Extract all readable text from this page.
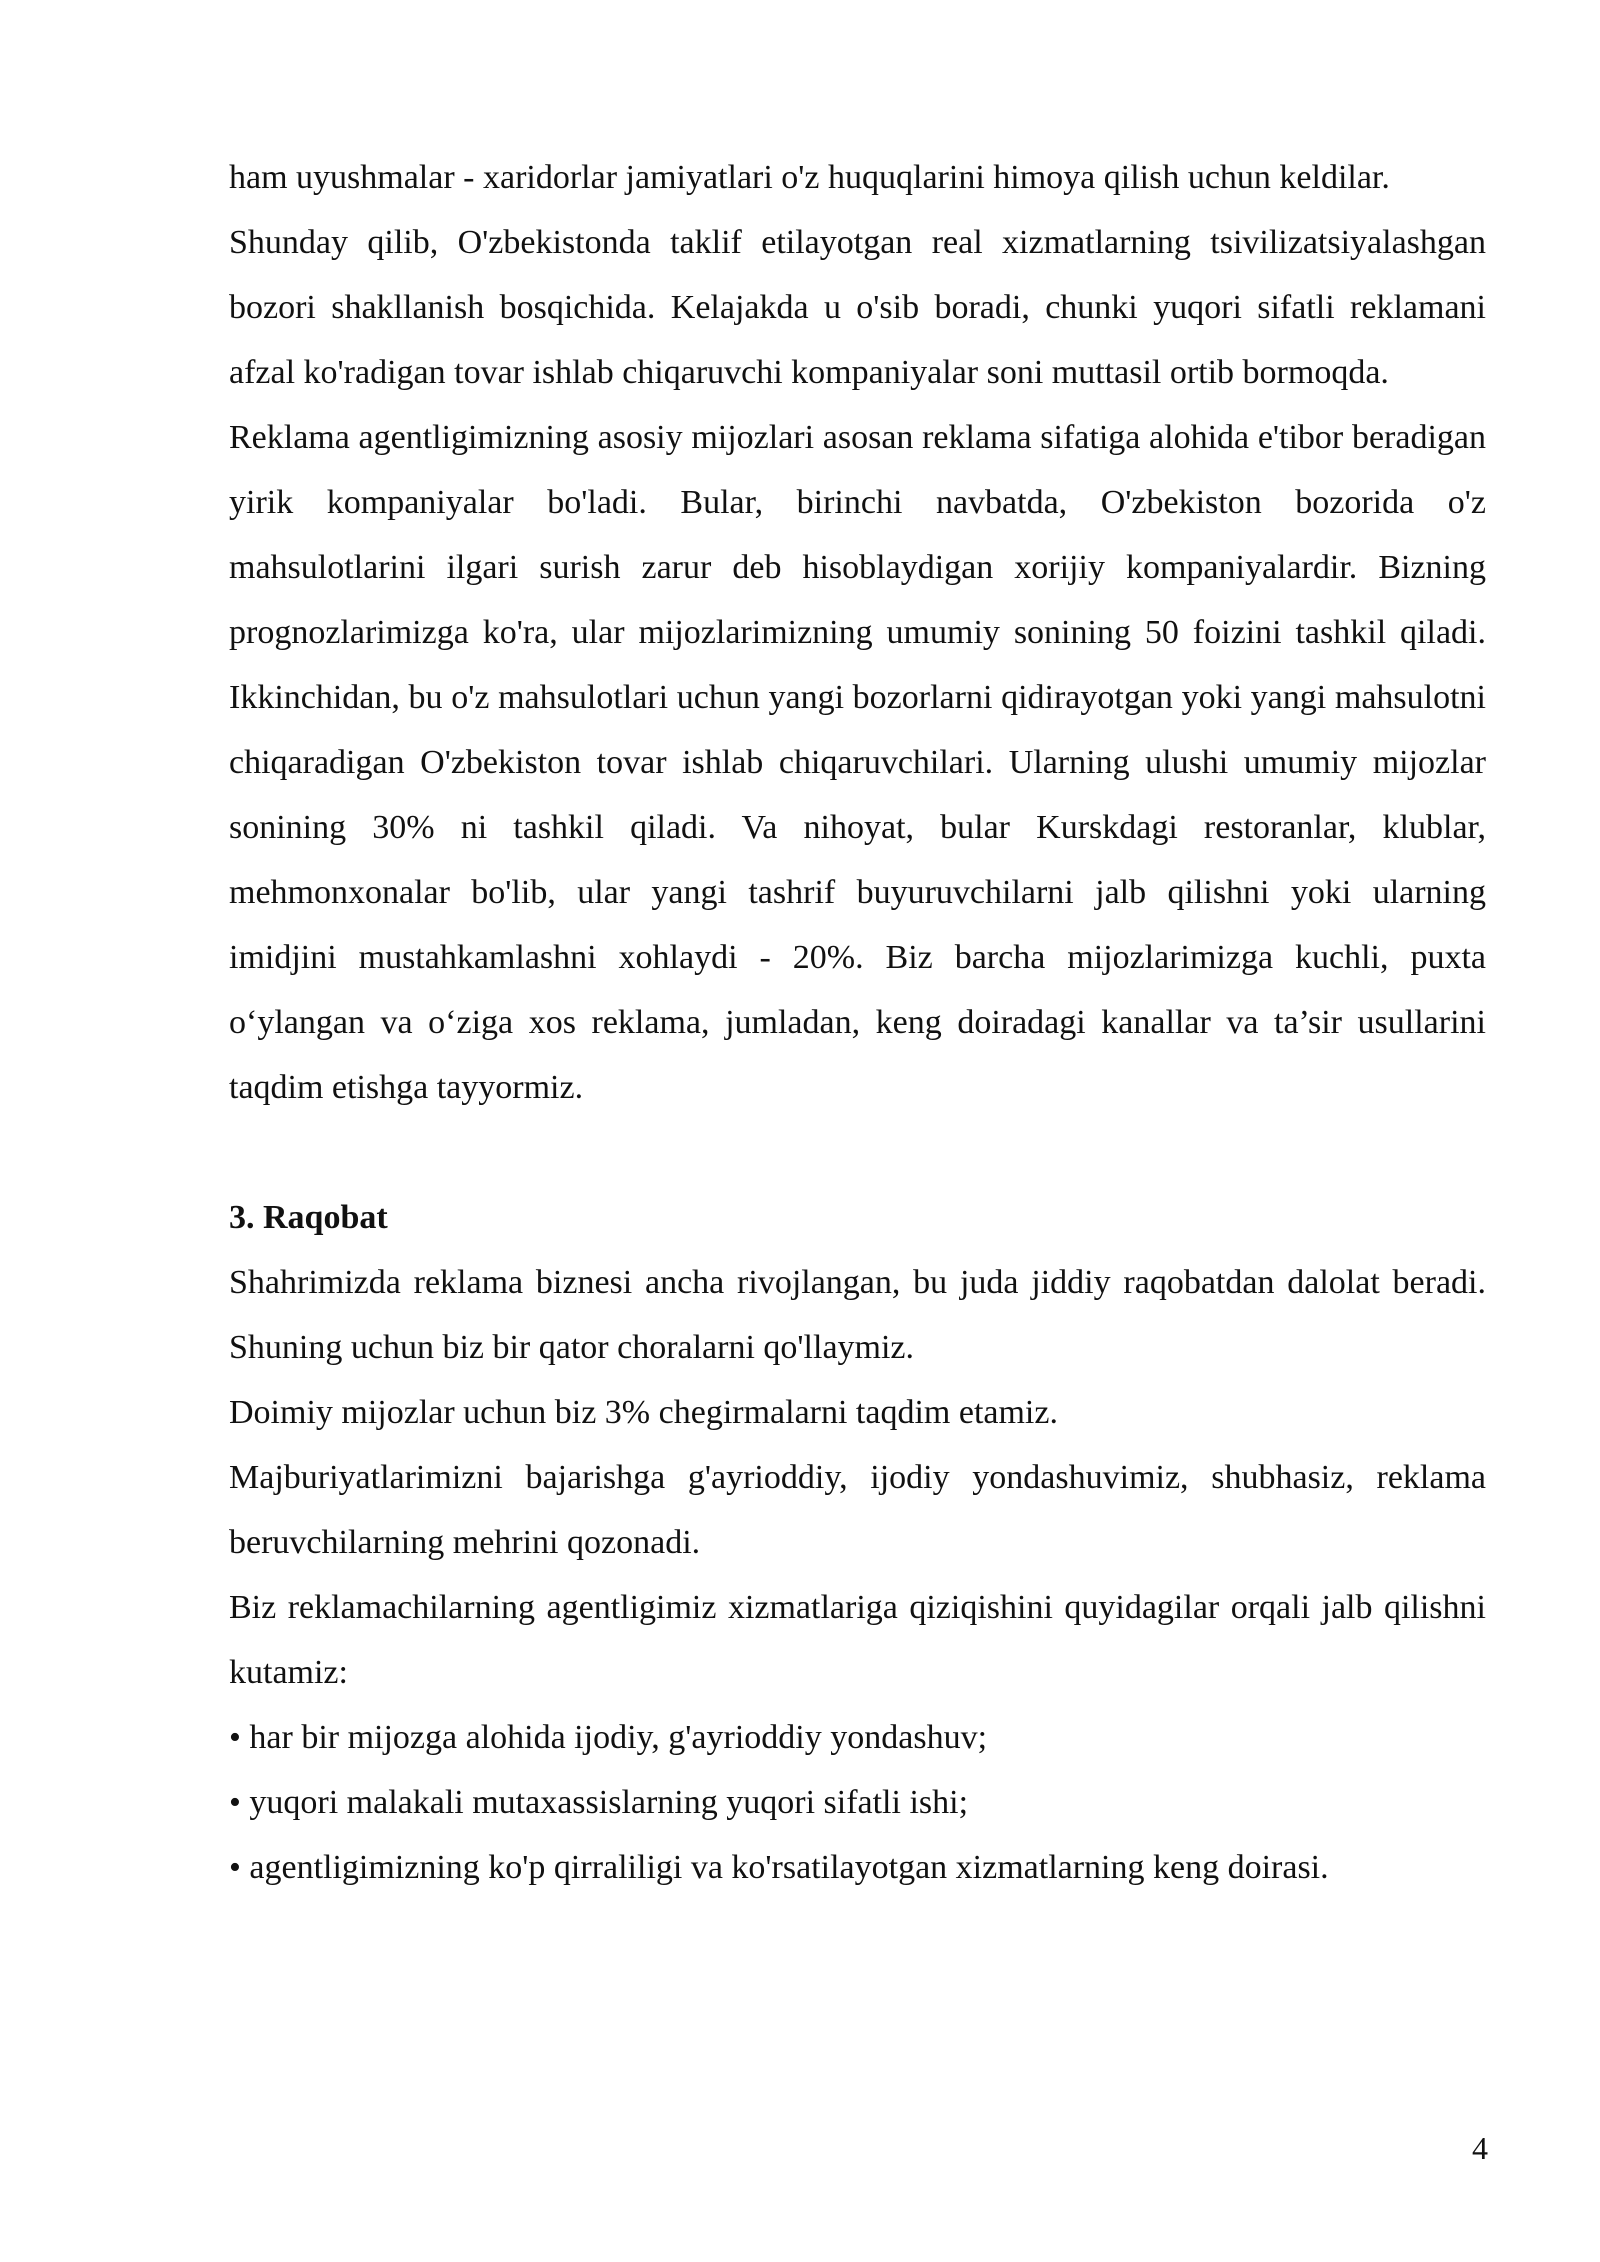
ham uyushmalar - xaridorlar jamiyatlari o'z huquqlarini himoya qilish uchun keldilar.

Shunday qilib, O'zbekistonda taklif etilayotgan real xizmatlarning tsivilizatsiyalashgan bozori shakllanish bosqichida. Kelajakda u o'sib boradi, chunki yuqori sifatli reklamani afzal ko'radigan tovar ishlab chiqaruvchi kompaniyalar soni muttasil ortib bormoqda.

Reklama agentligimizning asosiy mijozlari asosan reklama sifatiga alohida e'tibor beradigan yirik kompaniyalar bo'ladi. Bular, birinchi navbatda, O'zbekiston bozorida o'z mahsulotlarini ilgari surish zarur deb hisoblaydigan xorijiy kompaniyalardir. Bizning prognozlarimizga ko'ra, ular mijozlarimizning umumiy sonining 50 foizini tashkil qiladi. Ikkinchidan, bu o'z mahsulotlari uchun yangi bozorlarni qidirayotgan yoki yangi mahsulotni chiqaradigan O'zbekiston tovar ishlab chiqaruvchilari. Ularning ulushi umumiy mijozlar sonining 30% ni tashkil qiladi. Va nihoyat, bular Kurskdagi restoranlar, klublar, mehmonxonalar bo'lib, ular yangi tashrif buyuruvchilarni jalb qilishni yoki ularning imidjini mustahkamlashni xohlaydi - 20%. Biz barcha mijozlarimizga kuchli, puxta o‘ylangan va o‘ziga xos reklama, jumladan, keng doiradagi kanallar va ta’sir usullarini taqdim etishga tayyormiz.

3. Raqobat

Shahrimizda reklama biznesi ancha rivojlangan, bu juda jiddiy raqobatdan dalolat beradi. Shuning uchun biz bir qator choralarni qo'llaymiz.

Doimiy mijozlar uchun biz 3% chegirmalarni taqdim etamiz.

Majburiyatlarimizni bajarishga g'ayrioddiy, ijodiy yondashuvimiz, shubhasiz, reklama beruvchilarning mehrini qozonadi.

Biz reklamachilarning agentligimiz xizmatlariga qiziqishini quyidagilar orqali jalb qilishni kutamiz:

• har bir mijozga alohida ijodiy, g'ayrioddiy yondashuv;

• yuqori malakali mutaxassislarning yuqori sifatli ishi;

• agentligimizning ko'p qirraliligi va ko'rsatilayotgan xizmatlarning keng doirasi.

4
